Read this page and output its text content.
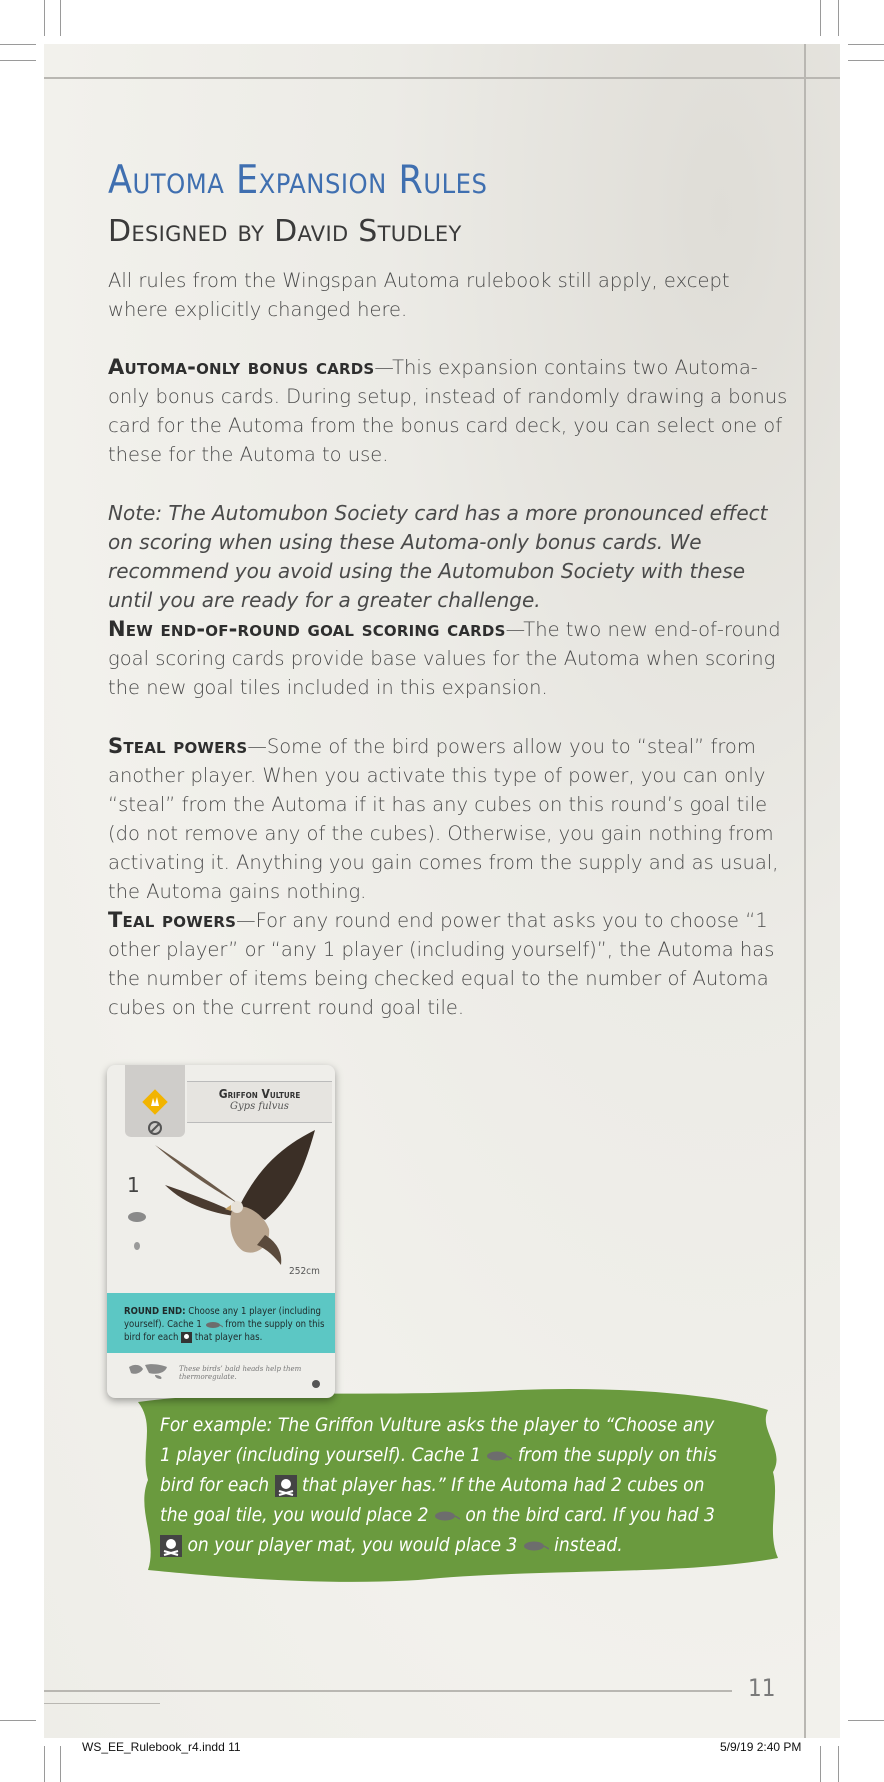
Automa Expansion Rules
Designed by David Studley

All rules from the Wingspan Automa rulebook still apply, except where explicitly changed here.

Automa-only bonus cards—This expansion contains two Automa-only bonus cards. During setup, instead of randomly drawing a bonus card for the Automa from the bonus card deck, you can select one of these for the Automa to use.

Note: The Automubon Society card has a more pronounced effect on scoring when using these Automa-only bonus cards. We recommend you avoid using the Automubon Society with these until you are ready for a greater challenge.

New end-of-round goal scoring cards—The two new end-of-round goal scoring cards provide base values for the Automa when scoring the new goal tiles included in this expansion.

Steal powers—Some of the bird powers allow you to “steal” from another player. When you activate this type of power, you can only “steal” from the Automa if it has any cubes on this round’s goal tile (do not remove any of the cubes). Otherwise, you gain nothing from activating it. Anything you gain comes from the supply and as usual, the Automa gains nothing.

Teal powers—For any round end power that asks you to choose “1 other player” or “any 1 player (including yourself)”, the Automa has the number of items being checked equal to the number of Automa cubes on the current round goal tile.

Griffon Vulture
Gyps fulvus
1
252cm
ROUND END: Choose any 1 player (including yourself). Cache 1 from the supply on this bird for each that player has.
These birds’ bald heads help them thermoregulate.

For example: The Griffon Vulture asks the player to “Choose any 1 player (including yourself). Cache 1 from the supply on this bird for each that player has.” If the Automa had 2 cubes on the goal tile, you would place 2 on the bird card. If you had 3  on your player mat, you would place 3 instead.

11
WS_EE_Rulebook_r4.indd 11	5/9/19 2:40 PM
